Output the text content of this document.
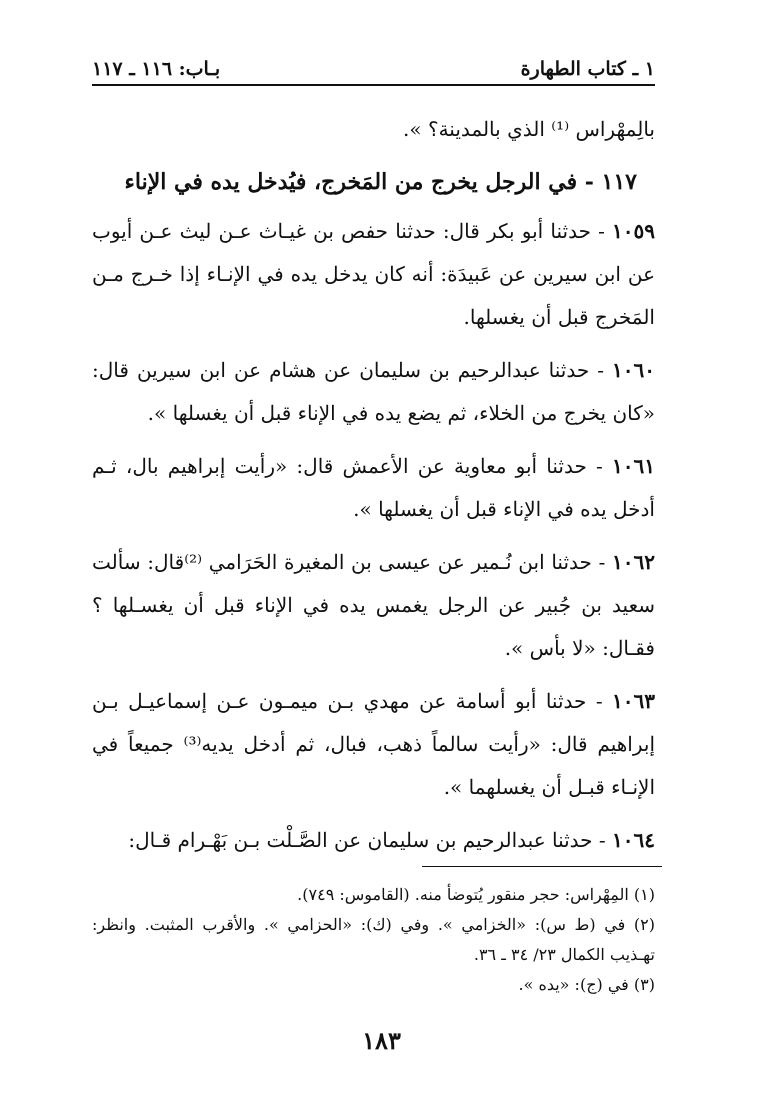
١ ـ كتاب الطهارة
بـاب: ١١٦ ـ ١١٧

بالِمهْراس ⁽¹⁾ الذي بالمدينة؟ ».

١١٧ - في الرجل يخرج من المَخرج، فيُدخل يده في الإناء

١٠٥٩ - حدثنا أبو بكر قال: حدثنا حفص بن غيـاث عـن ليث عـن أيوب عن ابن سيرين عن عَبيدَة: أنه كان يدخل يده في الإنـاء إذا خـرج مـن المَخرج قبل أن يغسلها.

١٠٦٠ - حدثنا عبدالرحيم بن سليمان عن هشام عن ابن سيرين قال: «كان يخرج من الخلاء، ثم يضع يده في الإناء قبل أن يغسلها ».

١٠٦١ - حدثنا أبو معاوية عن الأعمش قال: «رأيت إبراهيم بال، ثـم أدخل يده في الإناء قبل أن يغسلها ».

١٠٦٢ - حدثنا ابن نُـمير عن عيسى بن المغيرة الحَرَامي ⁽²⁾قال: سألت سعيد بن جُبير عن الرجل يغمس يده في الإناء قبل أن يغسـلها ؟ فقـال: «لا بأس ».

١٠٦٣ - حدثنا أبو أسامة عن مهدي بـن ميمـون عـن إسماعيـل بـن إبراهيم قال: «رأيت سالماً ذهب، فبال، ثم أدخل يديه⁽³⁾ جميعاً في الإنـاء قبـل أن يغسلهما ».

١٠٦٤ - حدثنا عبدالرحيم بن سليمان عن الصَّـلْت بـن بَهْـرام قـال:

(١) المِهْراس: حجر منقور يُتوضأ منه. (القاموس: ٧٤٩).

(٢) في (ط س): «الخزامي ». وفي (ك): «الحزامي ». والأقرب المثبت. وانظر: تهـذيب الكمال ٢٣/ ٣٤ ـ ٣٦.

(٣) في (ج): «يده ».

١٨٣
